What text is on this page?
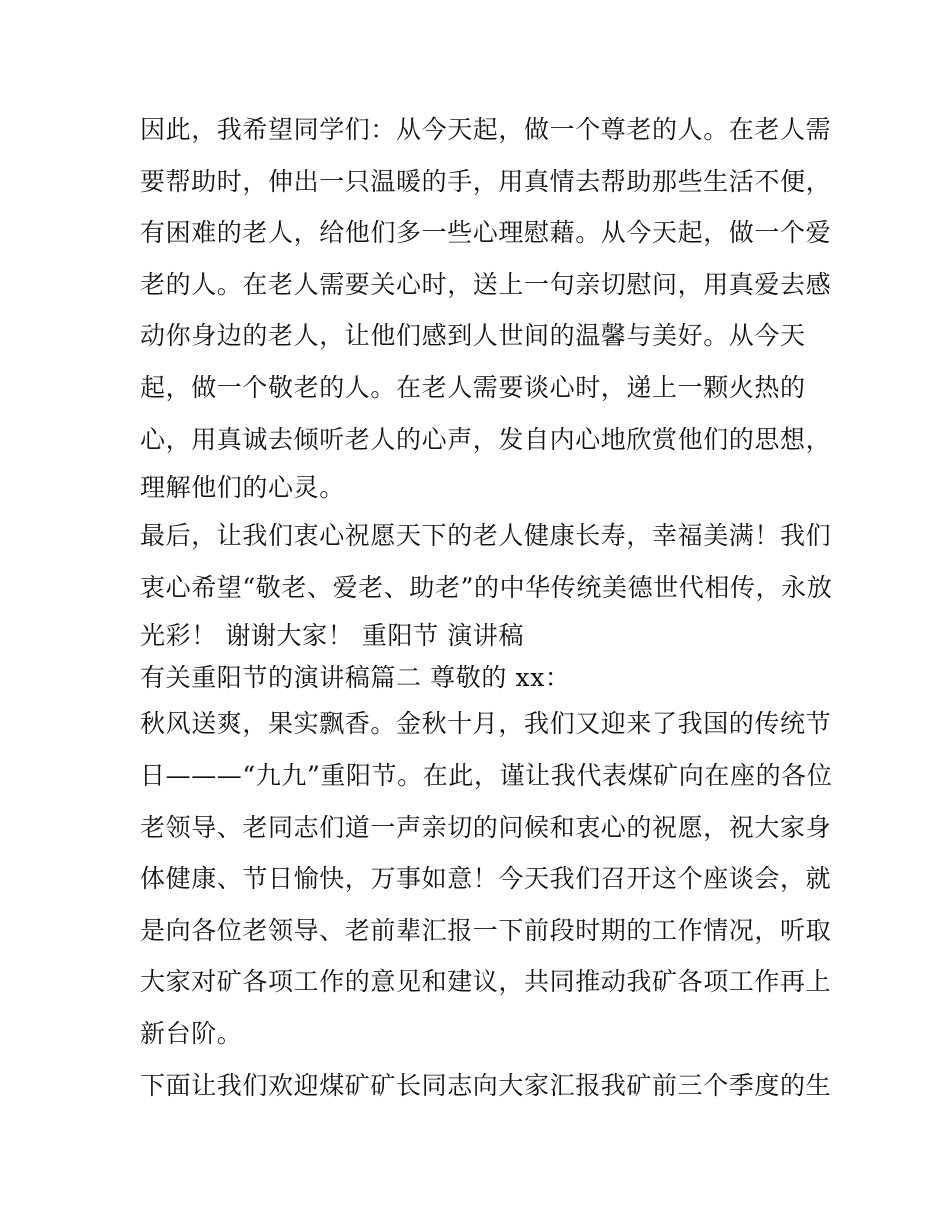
因此，我希望同学们：从今天起，做一个尊老的人。在老人需
要帮助时，伸出一只温暖的手，用真情去帮助那些生活不便，
有困难的老人，给他们多一些心理慰藉。从今天起，做一个爱
老的人。在老人需要关心时，送上一句亲切慰问，用真爱去感
动你身边的老人，让他们感到人世间的温馨与美好。从今天
起，做一个敬老的人。在老人需要谈心时，递上一颗火热的
心，用真诚去倾听老人的心声，发自内心地欣赏他们的思想，
理解他们的心灵。
最后，让我们衷心祝愿天下的老人健康长寿，幸福美满！我们
衷心希望“敬老、爱老、助老”的中华传统美德世代相传，永放
光彩！ 谢谢大家！ 重阳节 演讲稿
有关重阳节的演讲稿篇二 尊敬的 xx：
秋风送爽，果实飘香。金秋十月，我们又迎来了我国的传统节
日———“九九”重阳节。在此，谨让我代表煤矿向在座的各位
老领导、老同志们道一声亲切的问候和衷心的祝愿，祝大家身
体健康、节日愉快，万事如意！今天我们召开这个座谈会，就
是向各位老领导、老前辈汇报一下前段时期的工作情况，听取
大家对矿各项工作的意见和建议，共同推动我矿各项工作再上
新台阶。
下面让我们欢迎煤矿矿长同志向大家汇报我矿前三个季度的生
